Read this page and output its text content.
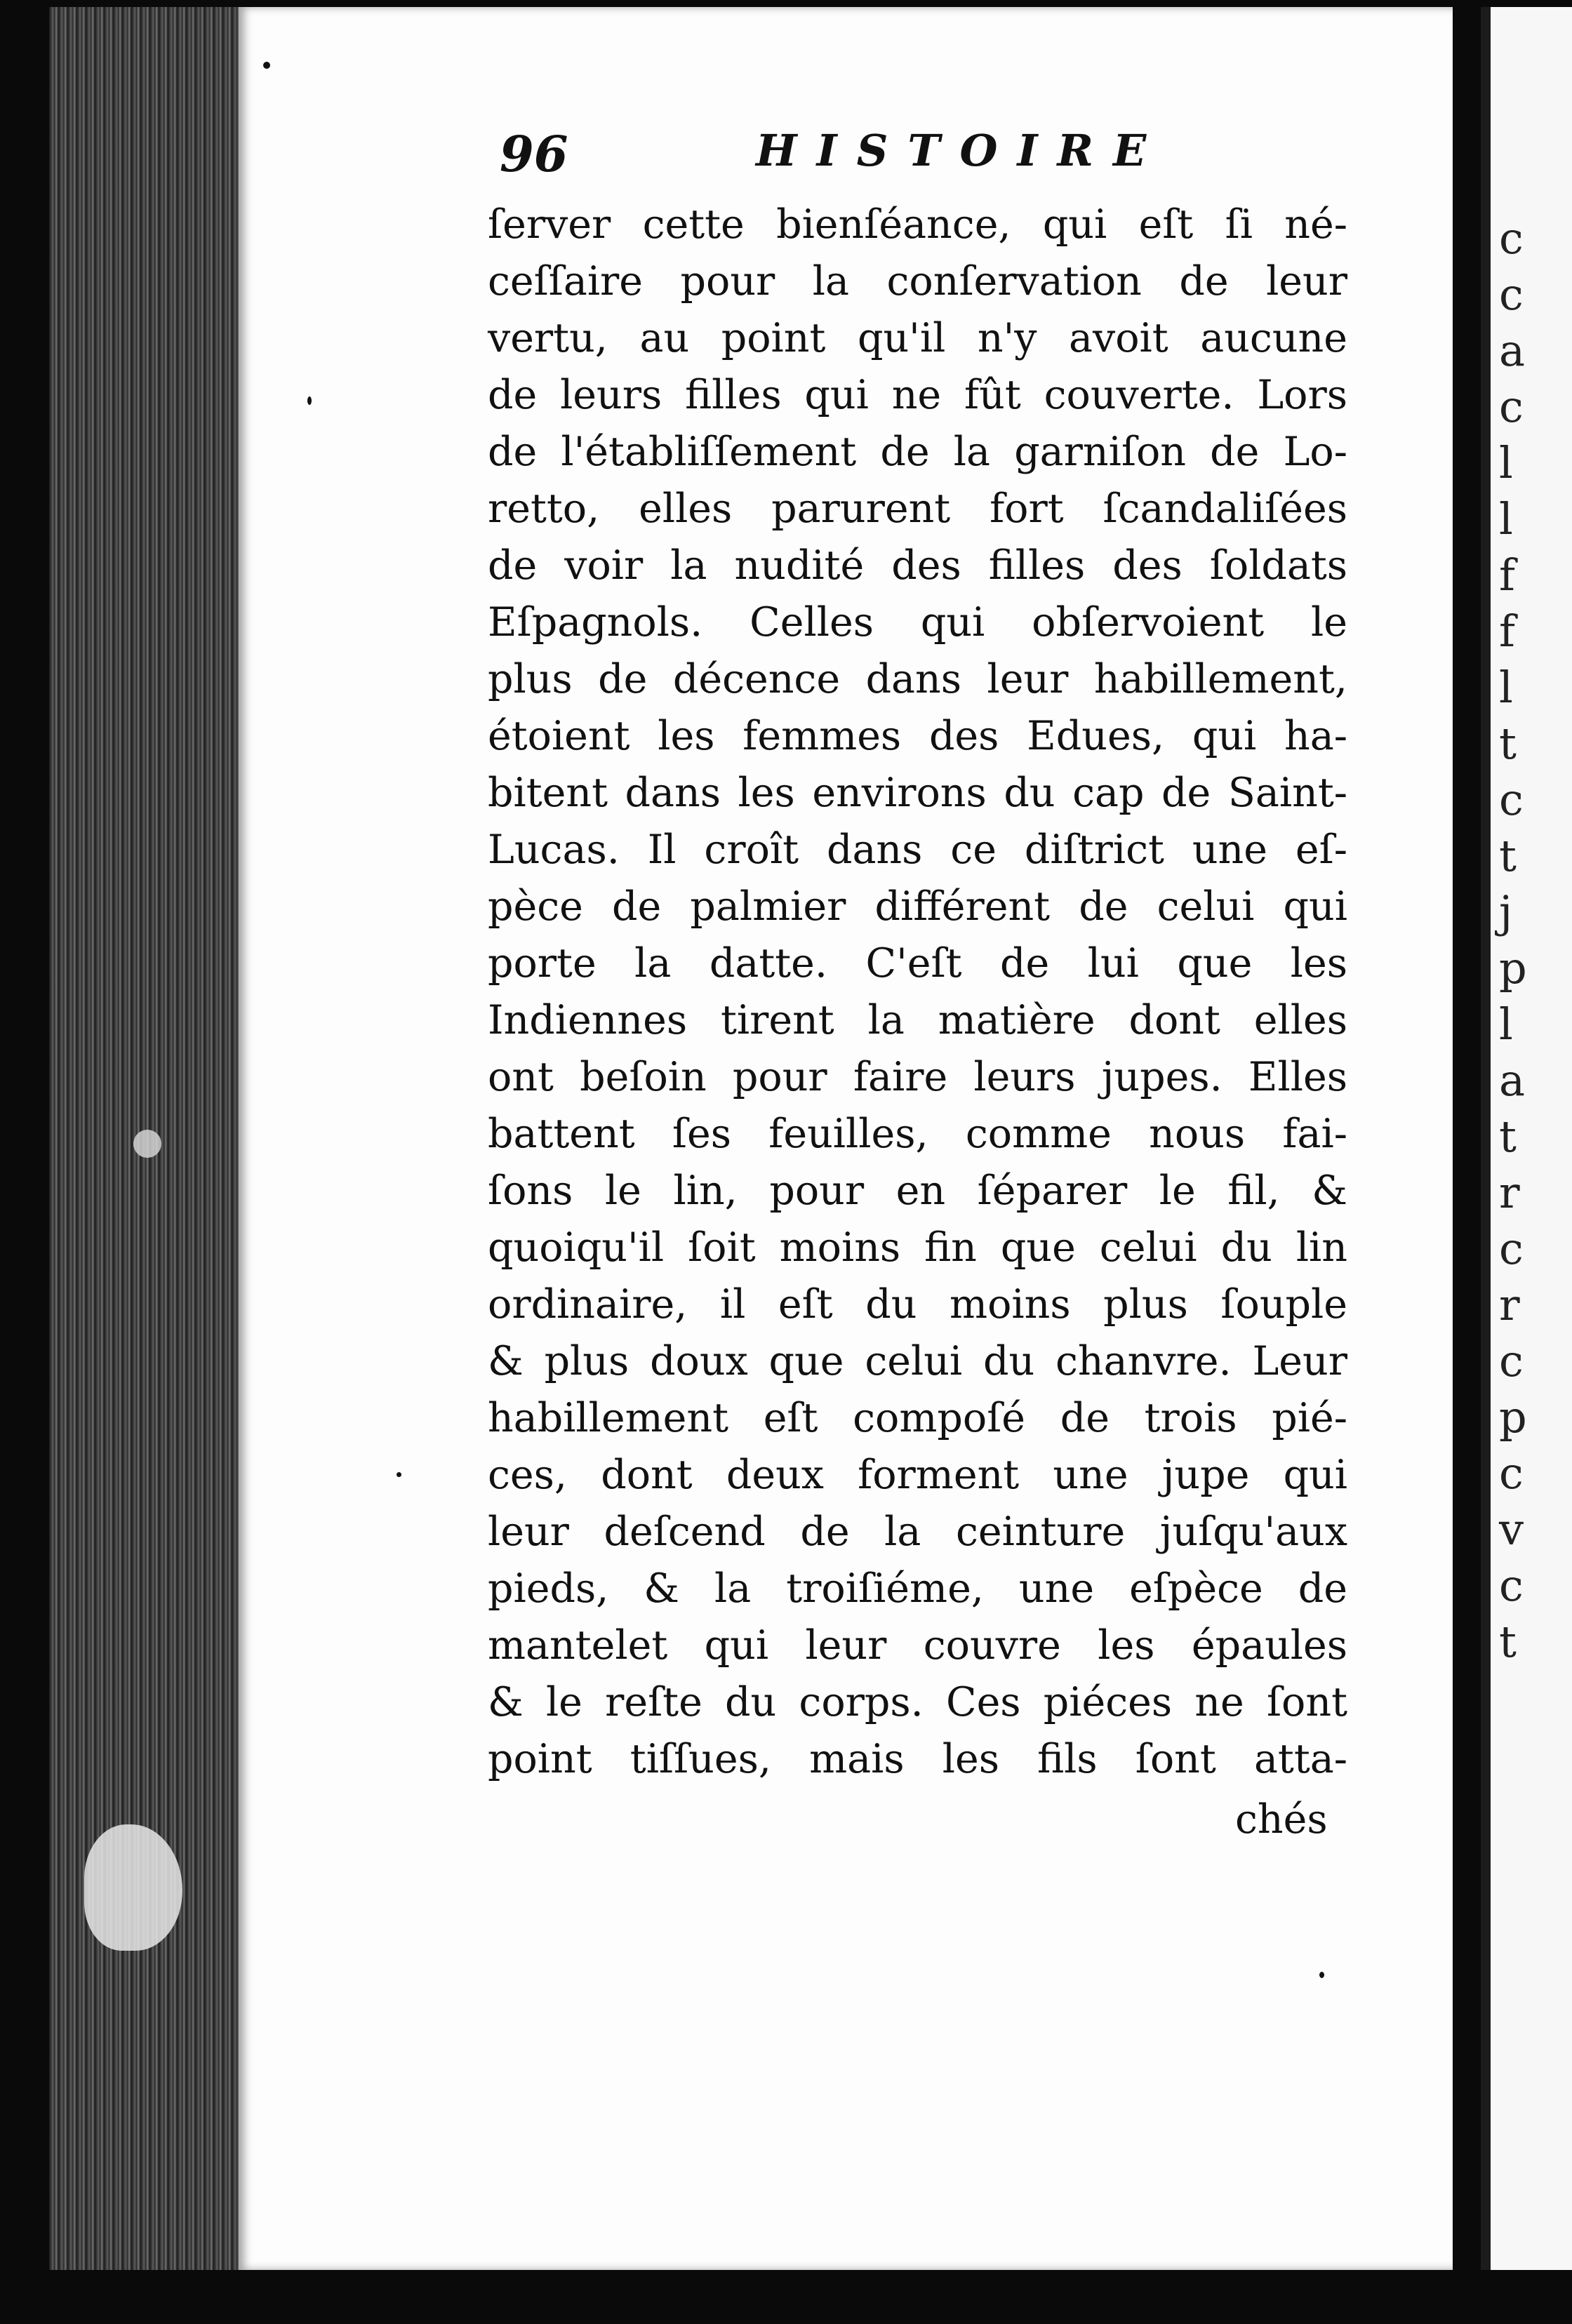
c
c
a
c
l
l
f
f
l
t
c
t
j
p
l
a
t
r
c
r
c
p
c
v
c
t
96	HISTOIRE
ſerver cette bienſéance, qui eſt ſi né-
ceſſaire pour la conſervation de leur
vertu, au point qu'il n'y avoit aucune
de leurs filles qui ne fût couverte. Lors
de l'établiſſement de la garniſon de Lo-
retto, elles parurent fort ſcandaliſées
de voir la nudité des filles des ſoldats
Eſpagnols. Celles qui obſervoient le
plus de décence dans leur habillement,
étoient les femmes des Edues, qui ha-
bitent dans les environs du cap de Saint-
Lucas. Il croît dans ce diſtrict une eſ-
pèce de palmier différent de celui qui
porte la datte. C'eſt de lui que les
Indiennes tirent la matière dont elles
ont beſoin pour faire leurs jupes. Elles
battent ſes feuilles, comme nous fai-
ſons le lin, pour en ſéparer le fil, &
quoiqu'il ſoit moins fin que celui du lin
ordinaire, il eſt du moins plus ſouple
& plus doux que celui du chanvre. Leur
habillement eſt compoſé de trois pié-
ces, dont deux forment une jupe qui
leur deſcend de la ceinture juſqu'aux
pieds, & la troiſiéme, une eſpèce de
mantelet qui leur couvre les épaules
& le reſte du corps. Ces piéces ne ſont
point tiſſues, mais les fils ſont atta-
chés
